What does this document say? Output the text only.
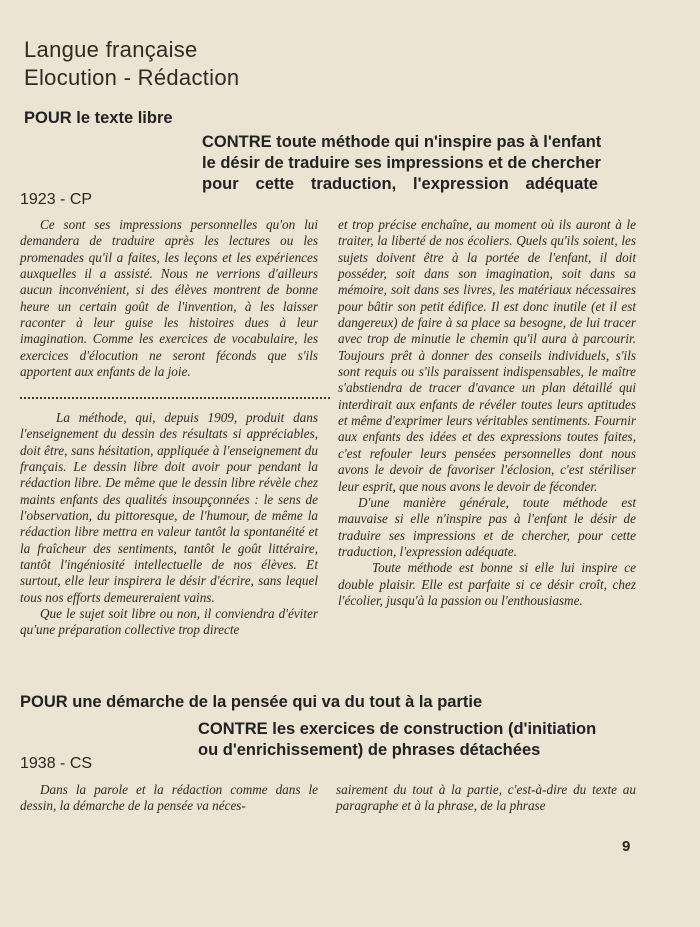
Langue française
Elocution - Rédaction
POUR le texte libre
CONTRE toute méthode qui n'inspire pas à l'enfant
le désir de traduire ses impressions et de chercher
pour cette traduction, l'expression adéquate
1923 - CP

Ce sont ses impressions personnelles qu'on lui demandera de traduire après les lectures ou les promenades qu'il a faites, les leçons et les expériences auxquelles il a assisté. Nous ne verrions d'ailleurs aucun inconvénient, si des élèves montrent de bonne heure un certain goût de l'invention, à les laisser raconter à leur guise les histoires dues à leur imagination. Comme les exercices de vocabulaire, les exercices d'élocution ne seront féconds que s'ils apportent aux enfants de la joie.

La méthode, qui, depuis 1909, produit dans l'enseignement du dessin des résultats si appréciables, doit être, sans hésitation, appliquée à l'enseignement du français. Le dessin libre doit avoir pour pendant la rédaction libre. De même que le dessin libre révèle chez maints enfants des qualités insoupçonnées : le sens de l'observation, du pittoresque, de l'humour, de même la rédaction libre mettra en valeur tantôt la spontanéité et la fraîcheur des sentiments, tantôt le goût littéraire, tantôt l'ingéniosité intellectuelle de nos élèves. Et surtout, elle leur inspirera le désir d'écrire, sans lequel tous nos efforts demeureraient vains.

Que le sujet soit libre ou non, il conviendra d'éviter qu'une préparation collective trop directe

et trop précise enchaîne, au moment où ils auront à le traiter, la liberté de nos écoliers. Quels qu'ils soient, les sujets doivent être à la portée de l'enfant, il doit posséder, soit dans son imagination, soit dans sa mémoire, soit dans ses livres, les matériaux nécessaires pour bâtir son petit édifice. Il est donc inutile (et il est dangereux) de faire à sa place sa besogne, de lui tracer avec trop de minutie le chemin qu'il aura à parcourir. Toujours prêt à donner des conseils individuels, s'ils sont requis ou s'ils paraissent indispensables, le maître s'abstiendra de tracer d'avance un plan détaillé qui interdirait aux enfants de révéler toutes leurs aptitudes et même d'exprimer leurs véritables sentiments. Fournir aux enfants des idées et des expressions toutes faites, c'est refouler leurs pensées personnelles dont nous avons le devoir de favoriser l'éclosion, c'est stériliser leur esprit, que nous avons le devoir de féconder.

D'une manière générale, toute méthode est mauvaise si elle n'inspire pas à l'enfant le désir de traduire ses impressions et de chercher, pour cette traduction, l'expression adéquate.

Toute méthode est bonne si elle lui inspire ce double plaisir. Elle est parfaite si ce désir croît, chez l'écolier, jusqu'à la passion ou l'enthousiasme.

POUR une démarche de la pensée qui va du tout à la partie
CONTRE les exercices de construction (d'initiation
ou d'enrichissement) de phrases détachées
1938 - CS

Dans la parole et la rédaction comme dans le dessin, la démarche de la pensée va néces-

sairement du tout à la partie, c'est-à-dire du texte au paragraphe et à la phrase, de la phrase

9
